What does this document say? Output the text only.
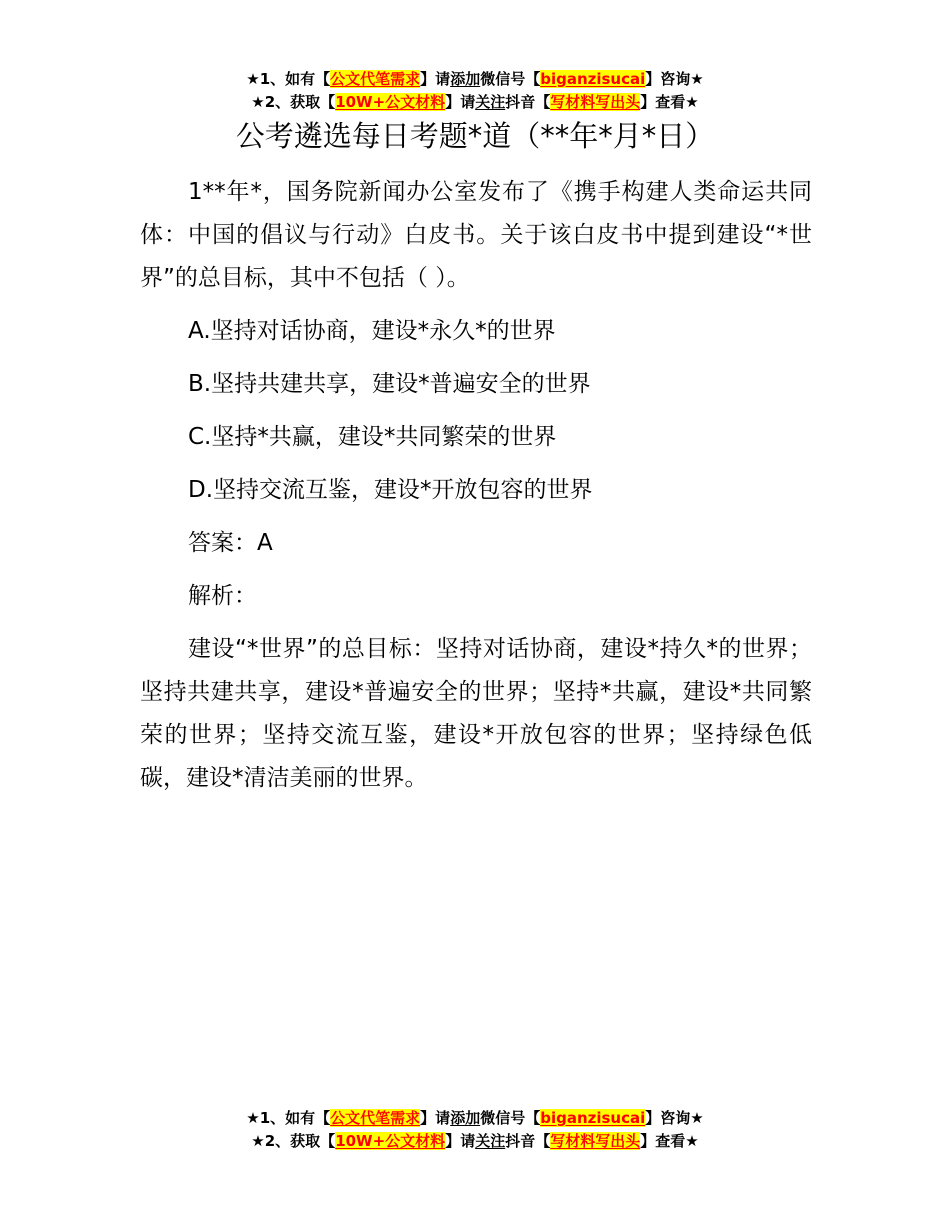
★1、如有【公文代笔需求】请添加微信号【biganzisucai】咨询★
★2、获取【10W+公文材料】请关注抖音【写材料写出头】查看★
公考遴选每日考题*道（**年*月*日）

1**年*，国务院新闻办公室发布了《携手构建人类命运共同体：中国的倡议与行动》白皮书。关于该白皮书中提到建设“*世界”的总目标，其中不包括（ ）。

A.坚持对话协商，建设*永久*的世界

B.坚持共建共享，建设*普遍安全的世界

C.坚持*共赢，建设*共同繁荣的世界

D.坚持交流互鉴，建设*开放包容的世界

答案：A

解析：

建设“*世界”的总目标：坚持对话协商，建设*持久*的世界；坚持共建共享，建设*普遍安全的世界；坚持*共赢，建设*共同繁荣的世界；坚持交流互鉴，建设*开放包容的世界；坚持绿色低碳，建设*清洁美丽的世界。

★1、如有【公文代笔需求】请添加微信号【biganzisucai】咨询★
★2、获取【10W+公文材料】请关注抖音【写材料写出头】查看★
